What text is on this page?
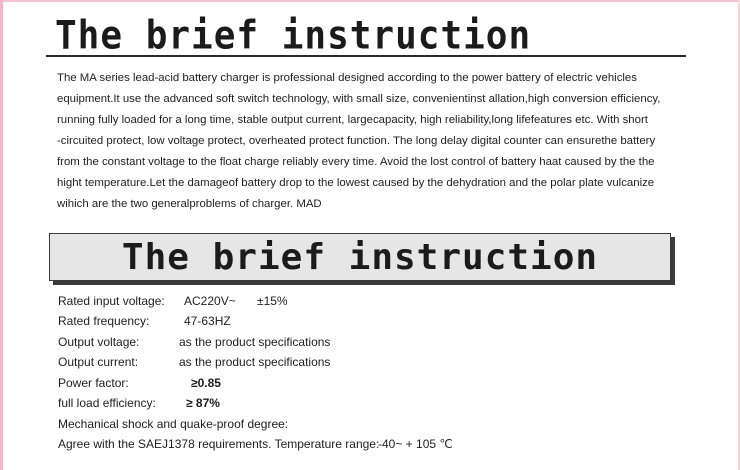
The brief instruction

The MA series lead-acid battery charger is professional designed according to the power battery of electric vehicles

equipment.It use the advanced soft switch technology, with small size, convenientinst allation,high conversion efficiency,

running fully loaded for a long time, stable output current, largecapacity, high reliability,long lifefeatures etc. With short

-circuited protect, low voltage protect, overheated protect function. The long delay digital counter can ensurethe battery

from the constant voltage to the float charge reliably every time. Avoid the lost control of battery haat caused by the the

hight temperature.Let the damageof battery drop to the lowest caused by the dehydration and the polar plate vulcanize

wihich are the two generalproblems of charger. MAD

The brief instruction
Rated input voltage: AC220V~ ±15%
Rated frequency:	47-63HZ
Output voltage:	as the product specifications
Output current:	as the product specifications
Power factor:	≥0.85
full load efficiency:	≥ 87%
Mechanical shock and quake-proof degree:
Agree with the SAEJ1378 requirements. Temperature range:
-40~ + 105 ℃
